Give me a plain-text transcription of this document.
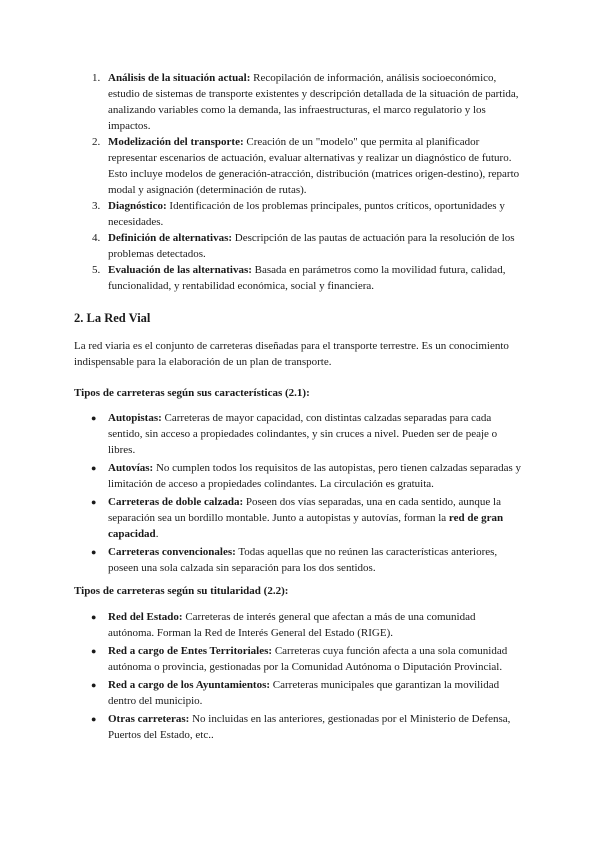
1. Análisis de la situación actual: Recopilación de información, análisis socioeconómico, estudio de sistemas de transporte existentes y descripción detallada de la situación de partida, analizando variables como la demanda, las infraestructuras, el marco regulatorio y los impactos.

2. Modelización del transporte: Creación de un "modelo" que permita al planificador representar escenarios de actuación, evaluar alternativas y realizar un diagnóstico de futuro. Esto incluye modelos de generación-atracción, distribución (matrices origen-destino), reparto modal y asignación (determinación de rutas).

3. Diagnóstico: Identificación de los problemas principales, puntos críticos, oportunidades y necesidades.

4. Definición de alternativas: Descripción de las pautas de actuación para la resolución de los problemas detectados.

5. Evaluación de las alternativas: Basada en parámetros como la movilidad futura, calidad, funcionalidad, y rentabilidad económica, social y financiera.

2. La Red Vial
La red viaria es el conjunto de carreteras diseñadas para el transporte terrestre. Es un conocimiento indispensable para la elaboración de un plan de transporte.
Tipos de carreteras según sus características (2.1):

●	Autopistas: Carreteras de mayor capacidad, con distintas calzadas separadas para cada sentido, sin acceso a propiedades colindantes, y sin cruces a nivel. Pueden ser de peaje o libres.

●	Autovías: No cumplen todos los requisitos de las autopistas, pero tienen calzadas separadas y limitación de acceso a propiedades colindantes. La circulación es gratuita.

●	Carreteras de doble calzada: Poseen dos vías separadas, una en cada sentido, aunque la separación sea un bordillo montable. Junto a autopistas y autovías, forman la red de gran capacidad.

●	Carreteras convencionales: Todas aquellas que no reúnen las características anteriores, poseen una sola calzada sin separación para los dos sentidos.

Tipos de carreteras según su titularidad (2.2):

●	Red del Estado: Carreteras de interés general que afectan a más de una comunidad autónoma. Forman la Red de Interés General del Estado (RIGE).

●	Red a cargo de Entes Territoriales: Carreteras cuya función afecta a una sola comunidad autónoma o provincia, gestionadas por la Comunidad Autónoma o Diputación Provincial.

●	Red a cargo de los Ayuntamientos: Carreteras municipales que garantizan la movilidad dentro del municipio.

●	Otras carreteras: No incluidas en las anteriores, gestionadas por el Ministerio de Defensa, Puertos del Estado, etc..
